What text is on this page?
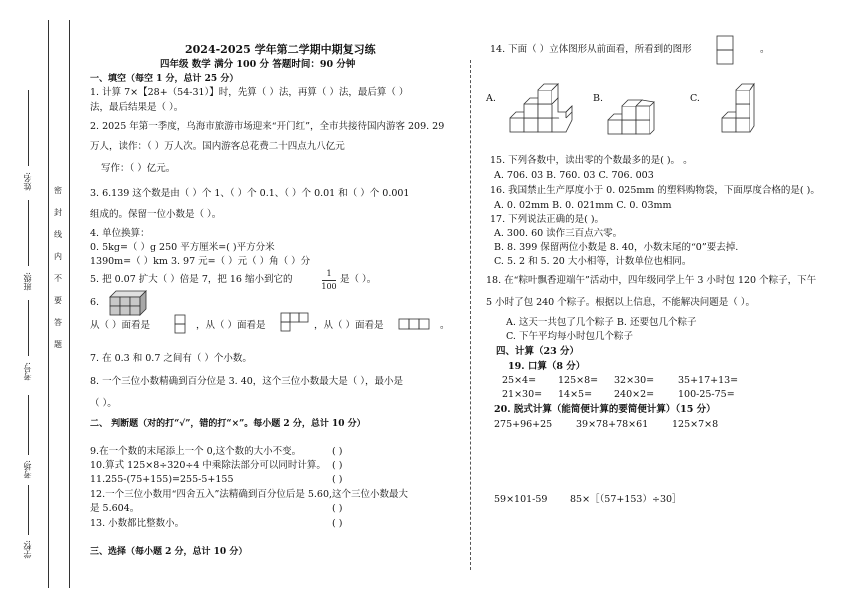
姓名:
班级:
考号:
考场:
学校:
密
封
线
内
不
要
答
题
2024-2025 学年第二学期中期复习练
四年级 数学 满分 100 分 答题时间：90 分钟
一、填空（每空 1 分，总计 25 分）
1. 计算 7×【28+（54-31）】时，先算（ ）法，再算（ ）法，最后算（ ）
法，最后结果是（ ）。
2. 2025 年第一季度，乌海市旅游市场迎来“开门红”，全市共接待国内游客 209. 29
万人，读作：（ ）万人次。国内游客总花费二十四点九八亿元
写作：（ ）亿元。
3. 6.139 这个数是由（ ）个 1、（ ）个 0.1、（ ）个 0.01 和（ ）个 0.001
组成的。保留一位小数是（ ）。
4. 单位换算：
0. 5kg=（ ）g 250 平方厘米=( )平方分米
1390m=（ ）km 3. 97 元=（ ）元（ ）角（ ）分
5. 把 0.07 扩大（ ）倍是 7，把 16 缩小到它的
1
100
是（ ）。
6.
从（ ）面看是	，从（ ）面看是	，从（ ）面看是	。
7. 在 0.3 和 0.7 之间有（ ）个小数。
8. 一个三位小数精确到百分位是 3. 40，这个三位小数最大是（ ），最小是
（ ）。
二、 判断题（对的打“√”，错的打“×”。每小题 2 分，总计 10 分）
9.在一个数的末尾添上一个 0,这个数的大小不变。	( )
10.算式 125×8÷320÷4 中乘除法部分可以同时计算。 ( )
11.255-(75+155)=255-5+155	( )
12.一个三位小数用“四舍五入”法精确到百分位后是 5.60,这个三位小数最大
是 5.604。	( )
13. 小数都比整数小。	( )
三、选择（每小题 2 分，总计 10 分）
14. 下面（ ）立体图形从前面看，所看到的图形	。
A.	B.	C.
15. 下列各数中，读出零的个数最多的是( )。 。
A. 706. 03 B. 760. 03 C. 706. 003
16. 我国禁止生产厚度小于 0. 025mm 的塑料购物袋，下面厚度合格的是( )。
A. 0. 02mm B. 0. 021mm C. 0. 03mm
17. 下列说法正确的是( )。
A. 300. 60 读作三百点六零。
B. 8. 399 保留两位小数是 8. 40，小数末尾的“0”要去掉.
C. 5. 2 和 5. 20 大小相等，计数单位也相同。
18. 在“粽叶飘香迎端午”活动中，四年级同学上午 3 小时包 120 个粽子，下午
5 小时了包 240 个粽子。根据以上信息，不能解决问题是（ ）。
A. 这天一共包了几个粽子 B. 还要包几个粽子
C. 下午平均每小时包几个粽子
四、计算（23 分）
19. 口算（8 分）
25×4= 125×8= 32×30=	35+17+13=
21×30= 14×5= 240×2=	100-25-75=
20. 脱式计算（能简便计算的要简便计算）（15 分）
275+96+25	39×78+78×61	125×7×8
59×101-59 85×［（57+153）÷30］
